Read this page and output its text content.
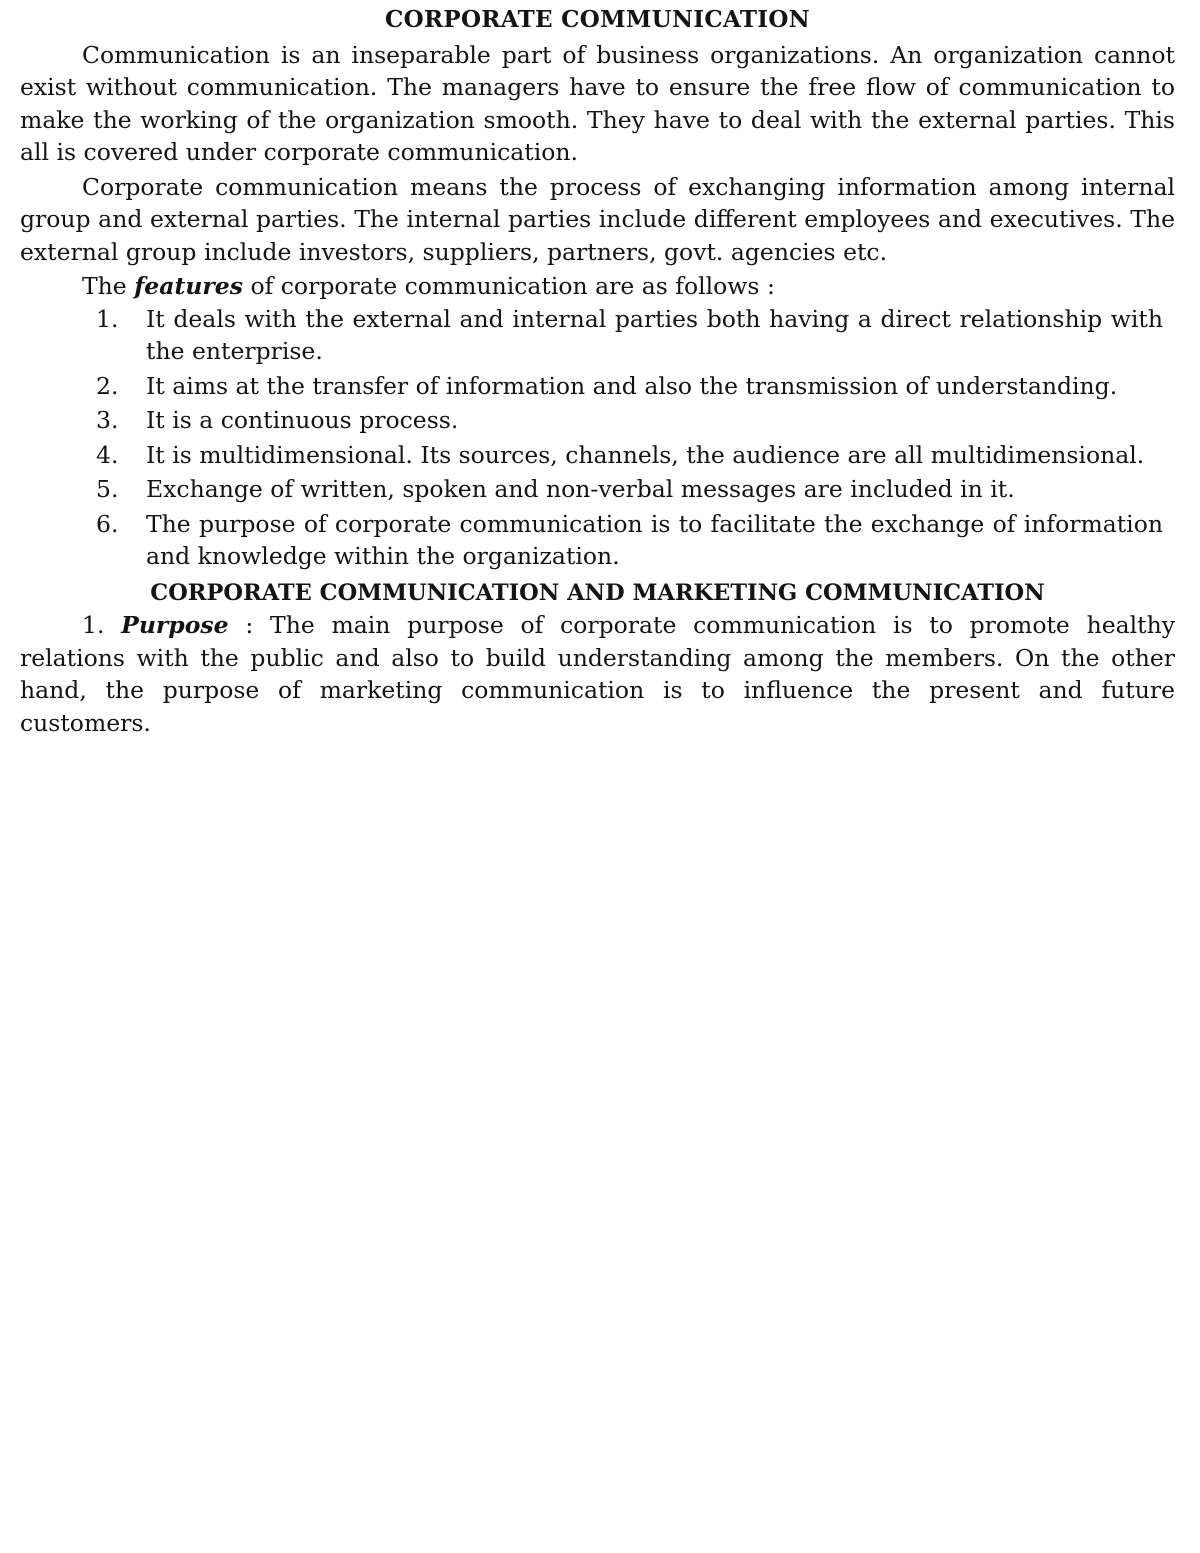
CORPORATE COMMUNICATION

Communication is an inseparable part of business organizations. An organization cannot exist without communication. The managers have to ensure the free flow of communication to make the working of the organization smooth. They have to deal with the external parties. This all is covered under corporate communication.

Corporate communication means the process of exchanging information among internal group and external parties. The internal parties include different employees and executives. The external group include investors, suppliers, partners, govt. agencies etc.

The features of corporate communication are as follows :

1. It deals with the external and internal parties both having a direct relationship with the enterprise.
2. It aims at the transfer of information and also the transmission of understanding.
3. It is a continuous process.
4. It is multidimensional. Its sources, channels, the audience are all multidimensional.
5. Exchange of written, spoken and non-verbal messages are included in it.
6. The purpose of corporate communication is to facilitate the exchange of information and knowledge within the organization.
CORPORATE COMMUNICATION AND MARKETING COMMUNICATION

1. Purpose : The main purpose of corporate communication is to promote healthy relations with the public and also to build understanding among the members. On the other hand, the purpose of marketing communication is to influence the present and future customers.
